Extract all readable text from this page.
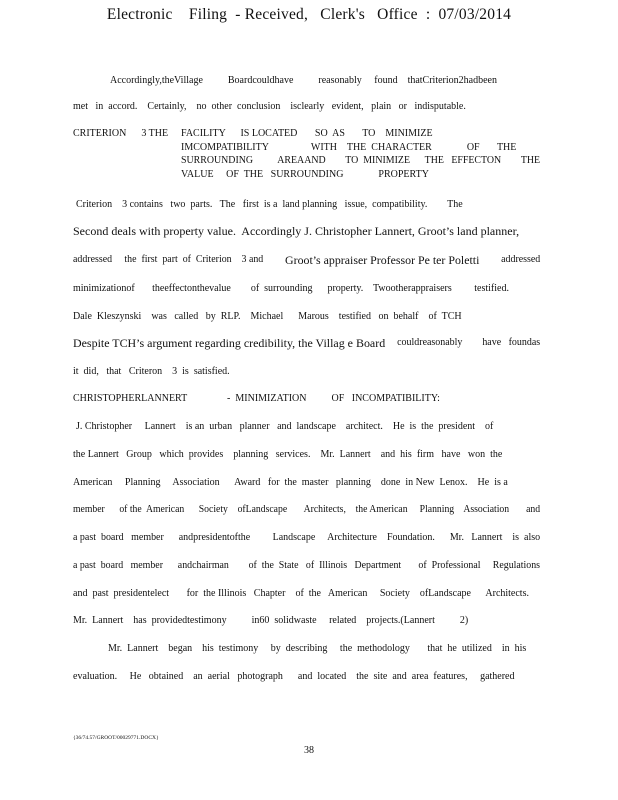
Electronic    Filing  - Received,   Clerk's   Office  :  07/03/2014
Accordingly,theVillage          Boardcouldhave          reasonably     found    thatCriterion2hadbeen
met   in  accord.    Certainly,    no  other  conclusion    isclearly   evident,   plain   or   indisputable.
CRITERION      3 THE FACILITY      IS LOCATED       SO  AS       TO    MINIMIZE
IMCOMPATIBILITY                 WITH    THE  CHARACTER              OF       THE
SURROUNDING          AREAAND        TO  MINIMIZE      THE   EFFECTON        THE
VALUE     OF  THE   SURROUNDING              PROPERTY
Criterion    3 contains   two  parts.   The   first  is a  land planning   issue,  compatibility.        The
Second deals with property value.  Accordingly J. Christopher Lannert, Groot’s land planner,
addressed     the  first  part  of  Criterion    3 and Groot’s appraiser Professor Pe ter Poletti addressed
minimizationof       theeffectonthevalue        of  surrounding      property.    Twootherappraisers         testified.
Dale  Kleszynski    was   called   by  RLP.    Michael      Marous    testified   on  behalf    of  TCH
Despite TCH’s argument regarding credibility, the Villag e Board couldreasonably        have   foundas
it  did,   that   Criteron    3  is  satisfied.
CHRISTOPHERLANNERT                -  MINIMIZATION          OF   INCOMPATIBILITY:
J. Christopher     Lannert    is an  urban   planner   and  landscape    architect.    He  is  the  president    of
the Lannert   Group   which  provides    planning   services.    Mr.  Lannert    and  his  firm   have   won  the
American     Planning     Association      Award   for  the  master   planning    done  in New  Lenox.    He  is a
member      of the  American      Society    ofLandscape       Architects,    the American     Planning    Association       and
a past  board   member      andpresidentofthe         Landscape     Architecture    Foundation.      Mr.   Lannert    is  also
a past  board   member      andchairman        of  the  State   of  Illinois   Department       of  Professional     Regulations
and  past  presidentelect       for  the Illinois   Chapter    of  the   American     Society    ofLandscape      Architects.
Mr.  Lannert    has  providedtestimony          in60  solidwaste     related    projects.(Lannert          2)
Mr.  Lannert    began    his  testimony     by  describing     the  methodology       that  he  utilized    in  his
evaluation.     He   obtained    an  aerial   photograph      and  located    the  site  and  area  features,     gathered
{36/74.57/GROOT/00029771.DOCX}
38
